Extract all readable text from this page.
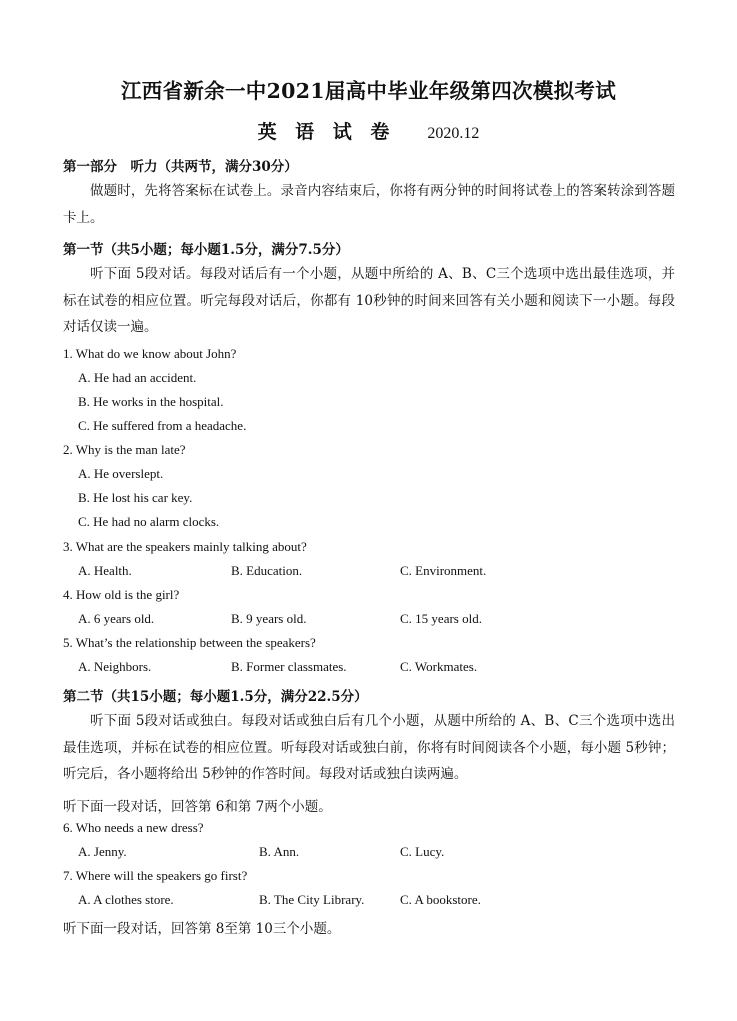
江西省新余一中2021届高中毕业年级第四次模拟考试
英 语 试 卷 2020.12
第一部分　听力（共两节，满分30分）
做题时，先将答案标在试卷上。录音内容结束后，你将有两分钟的时间将试卷上的答案转涂到答题卡上。
第一节（共5小题；每小题1.5分，满分7.5分）
听下面 5段对话。每段对话后有一个小题，从题中所给的 A、B、C三个选项中选出最佳选项，并标在试卷的相应位置。听完每段对话后，你都有 10秒钟的时间来回答有关小题和阅读下一小题。每段对话仅读一遍。
1. What do we know about John?
A. He had an accident.
B. He works in the hospital.
C. He suffered from a headache.
2. Why is the man late?
A. He overslept.
B. He lost his car key.
C. He had no alarm clocks.
3. What are the speakers mainly talking about?
A. Health.	B. Education.	C. Environment.
4. How old is the girl?
A. 6 years old.	B. 9 years old.	C. 15 years old.
5. What’s the relationship between the speakers?
A. Neighbors.	B. Former classmates.	C. Workmates.
第二节（共15小题；每小题1.5分，满分22.5分）
听下面 5段对话或独白。每段对话或独白后有几个小题，从题中所给的 A、B、C三个选项中选出最佳选项，并标在试卷的相应位置。听每段对话或独白前，你将有时间阅读各个小题，每小题 5秒钟；听完后，各小题将给出 5秒钟的作答时间。每段对话或独白读两遍。
听下面一段对话，回答第 6和第 7两个小题。
6. Who needs a new dress?
A. Jenny.	B. Ann.	C. Lucy.
7. Where will the speakers go first?
A. A clothes store.	B. The City Library.	C. A bookstore.
听下面一段对话，回答第 8至第 10三个小题。
